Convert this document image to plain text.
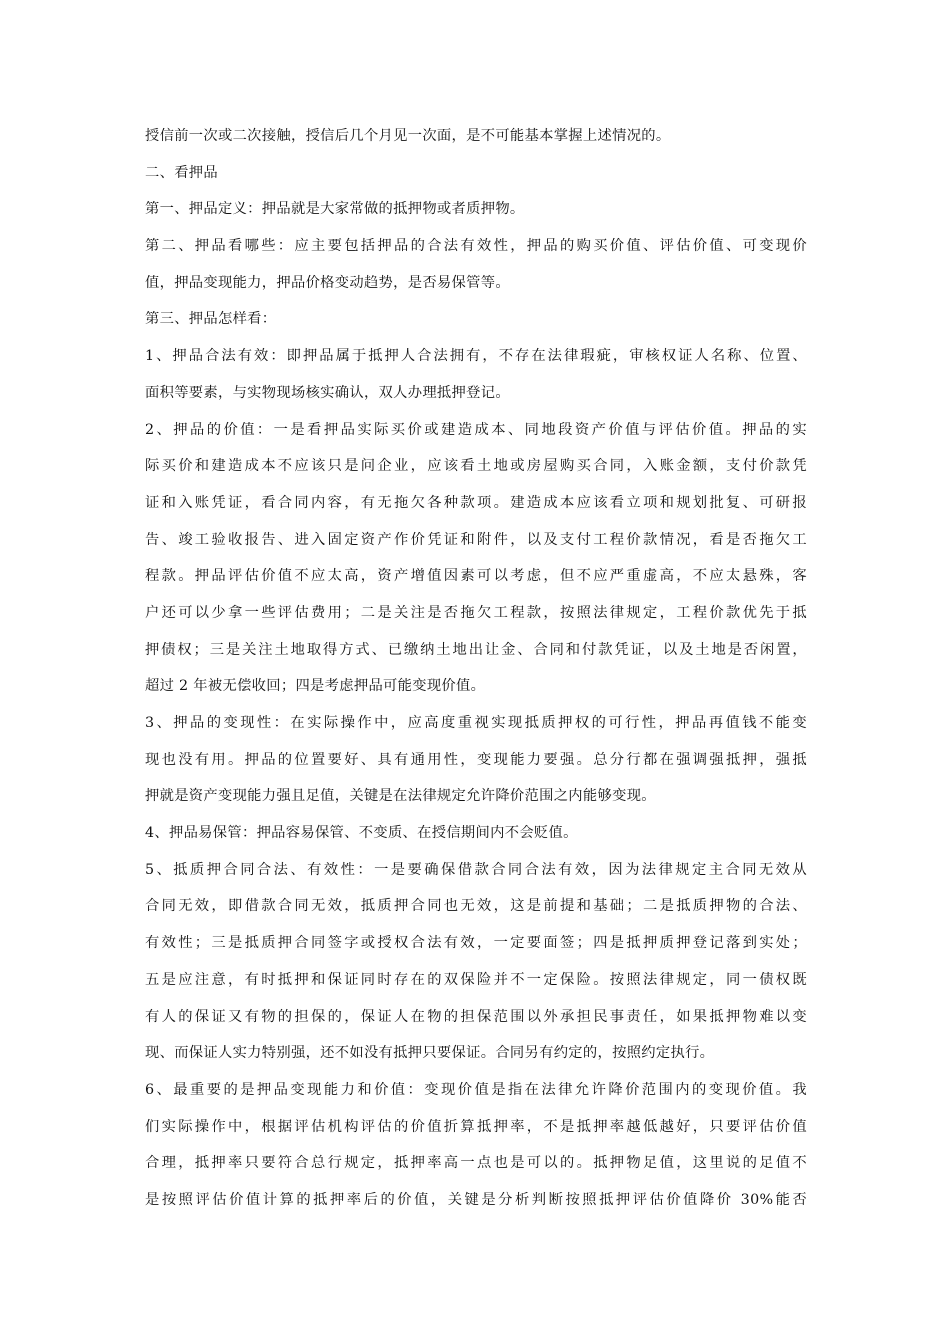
授信前一次或二次接触，授信后几个月见一次面，是不可能基本掌握上述情况的。
二、看押品
第一、押品定义：押品就是大家常做的抵押物或者质押物。
第二、押品看哪些：应主要包括押品的合法有效性，押品的购买价值、评估价值、可变现价
值，押品变现能力，押品价格变动趋势，是否易保管等。
第三、押品怎样看：
1、押品合法有效：即押品属于抵押人合法拥有，不存在法律瑕疵，审核权证人名称、位置、
面积等要素，与实物现场核实确认，双人办理抵押登记。
2、押品的价值：一是看押品实际买价或建造成本、同地段资产价值与评估价值。押品的实
际买价和建造成本不应该只是问企业，应该看土地或房屋购买合同，入账金额，支付价款凭
证和入账凭证，看合同内容，有无拖欠各种款项。建造成本应该看立项和规划批复、可研报
告、竣工验收报告、进入固定资产作价凭证和附件，以及支付工程价款情况，看是否拖欠工
程款。押品评估价值不应太高，资产增值因素可以考虑，但不应严重虚高，不应太悬殊，客
户还可以少拿一些评估费用；二是关注是否拖欠工程款，按照法律规定，工程价款优先于抵
押债权；三是关注土地取得方式、已缴纳土地出让金、合同和付款凭证，以及土地是否闲置，
超过 2 年被无偿收回；四是考虑押品可能变现价值。
3、押品的变现性：在实际操作中，应高度重视实现抵质押权的可行性，押品再值钱不能变
现也没有用。押品的位置要好、具有通用性，变现能力要强。总分行都在强调强抵押，强抵
押就是资产变现能力强且足值，关键是在法律规定允许降价范围之内能够变现。
4、押品易保管：押品容易保管、不变质、在授信期间内不会贬值。
5、抵质押合同合法、有效性：一是要确保借款合同合法有效，因为法律规定主合同无效从
合同无效，即借款合同无效，抵质押合同也无效，这是前提和基础；二是抵质押物的合法、
有效性；三是抵质押合同签字或授权合法有效，一定要面签；四是抵押质押登记落到实处；
五是应注意，有时抵押和保证同时存在的双保险并不一定保险。按照法律规定，同一债权既
有人的保证又有物的担保的，保证人在物的担保范围以外承担民事责任，如果抵押物难以变
现、而保证人实力特别强，还不如没有抵押只要保证。合同另有约定的，按照约定执行。
6、最重要的是押品变现能力和价值：变现价值是指在法律允许降价范围内的变现价值。我
们实际操作中，根据评估机构评估的价值折算抵押率，不是抵押率越低越好，只要评估价值
合理，抵押率只要符合总行规定，抵押率高一点也是可以的。抵押物足值，这里说的足值不
是按照评估价值计算的抵押率后的价值，关键是分析判断按照抵押评估价值降价 30%能否
